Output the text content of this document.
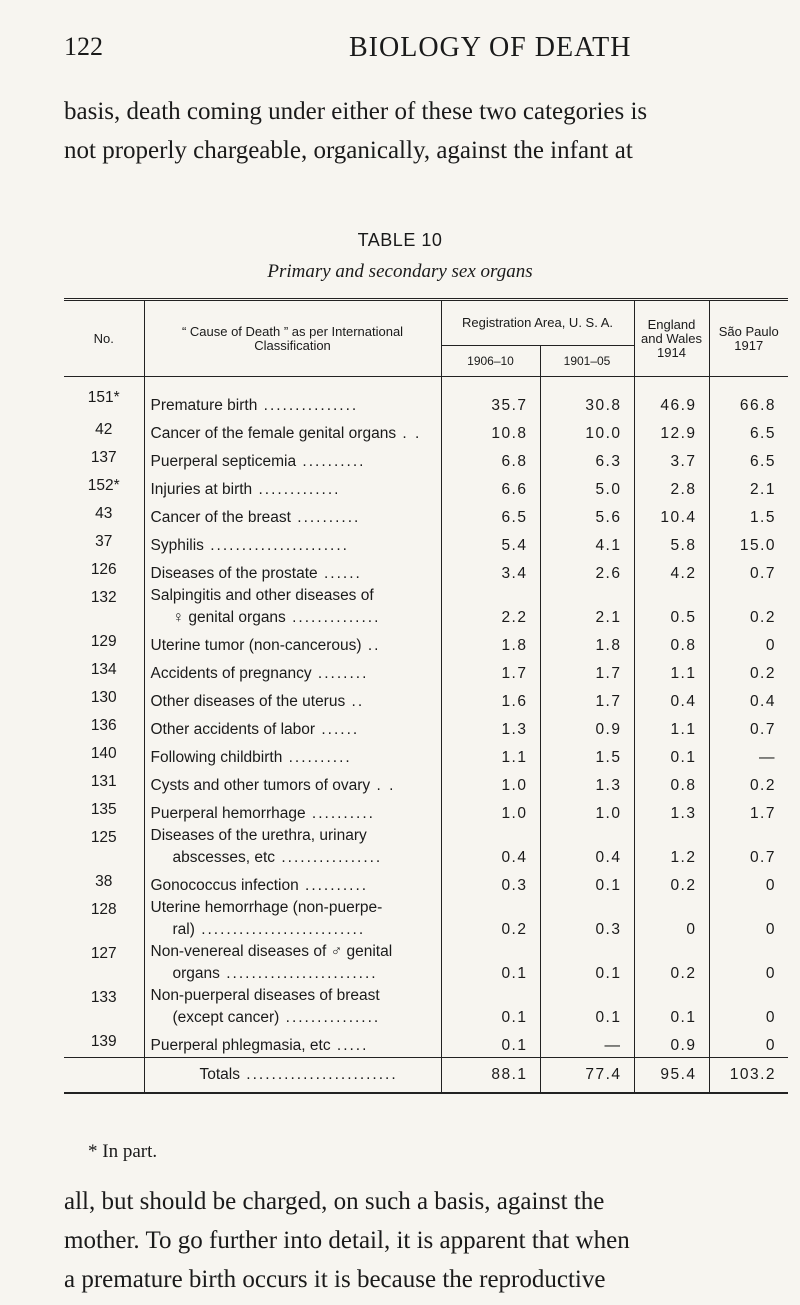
122	BIOLOGY OF DEATH
basis, death coming under either of these two categories is
not properly chargeable, organically, against the infant at
TABLE 10
Primary and secondary sex organs
No.	“ Cause of Death ” as per International Classification	Registration Area, U. S. A.		England and Wales 1914	São Paulo 1917
		1906–10	1901–05		
151*	Premature birth ...............	35.7	30.8	46.9	66.8
42	Cancer of the female genital organs . .	10.8	10.0	12.9	6.5
137	Puerperal septicemia ..........	6.8	6.3	3.7	6.5
152*	Injuries at birth .............	6.6	5.0	2.8	2.1
43	Cancer of the breast ..........	6.5	5.6	10.4	1.5
37	Syphilis ......................	5.4	4.1	5.8	15.0
126	Diseases of the prostate ......	3.4	2.6	4.2	0.7
132	Salpingitis and other diseases of
♀ genital organs ..............	2.2	2.1	0.5	0.2
129	Uterine tumor (non-cancerous) ..	1.8	1.8	0.8	0
134	Accidents of pregnancy ........	1.7	1.7	1.1	0.2
130	Other diseases of the uterus ..	1.6	1.7	0.4	0.4
136	Other accidents of labor ......	1.3	0.9	1.1	0.7
140	Following childbirth ..........	1.1	1.5	0.1	—
131	Cysts and other tumors of ovary . .	1.0	1.3	0.8	0.2
135	Puerperal hemorrhage ..........	1.0	1.0	1.3	1.7
125	Diseases of the urethra, urinary
abscesses, etc ................	0.4	0.4	1.2	0.7
38	Gonococcus infection ..........	0.3	0.1	0.2	0
128	Uterine hemorrhage (non-puerpe-
ral) ..........................	0.2	0.3	0	0
127	Non-venereal diseases of ♂ genital
organs ........................	0.1	0.1	0.2	0
133	Non-puerperal diseases of breast
(except cancer) ...............	0.1	0.1	0.1	0
139	Puerperal phlegmasia, etc .....	0.1	—	0.9	0
	Totals ........................	88.1	77.4	95.4	103.2
* In part.
all, but should be charged, on such a basis, against the
mother. To go further into detail, it is apparent that when
a premature birth occurs it is because the reproductive
